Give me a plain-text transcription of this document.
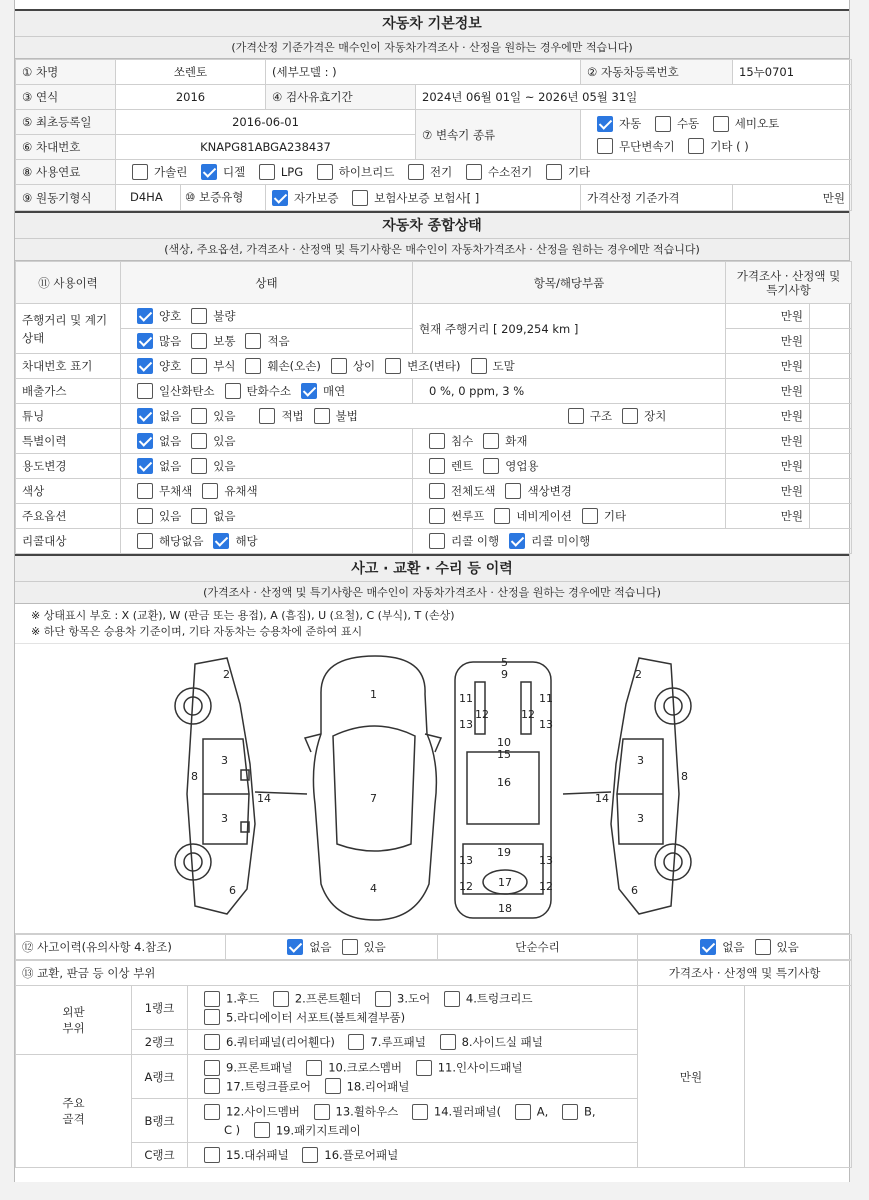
자동차 기본정보
(가격산정 기준가격은 매수인이 자동차가격조사 · 산정을 원하는 경우에만 적습니다)
① 차명	쏘렌토	(세부모델 : )		② 자동차등록번호	15누0701
③ 연식	2016	④ 검사유효기간	2024년 06월 01일 ~ 2026년 05월 31일		
⑤ 최초등록일	2016-06-01		⑦ 변속기 종류	자동 수동 세미오토
무단변속기 기타 ( )	
⑥ 차대번호	KNAPG81ABGA238437				
⑧ 사용연료	가솔린 디젤 LPG 하이브리드 전기 수소전기 기타				
⑨ 원동기형식	D4HA ⑩ 보증유형	자가보증 보험사보증 보험사[ ]		가격산정 기준가격	만원
자동차 종합상태
(색상, 주요옵션, 가격조사 · 산정액 및 특기사항은 매수인이 자동차가격조사 · 산정을 원하는 경우에만 적습니다)
⑪ 사용이력	상태	항목/해당부품	가격조사 · 산정액 및 특기사항	
주행거리 및 계기상태	양호 불량	현재 주행거리 [ 209,254 km ]	만원	
	많음 보통 적음		만원	
차대번호 표기	양호 부식 훼손(오손) 상이 변조(변타) 도말		만원	
배출가스	일산화탄소 탄화수소 매연	0 %, 0 ppm, 3 %	만원	
튜닝	없음 있음 적법 불법 구조 장치		만원	
특별이력	없음 있음	침수 화재	만원	
용도변경	없음 있음	렌트 영업용	만원	
색상	무채색 유채색	전체도색 색상변경	만원	
주요옵션	있음 없음	썬루프 네비게이션 기타	만원	
리콜대상	해당없음 해당	리콜 이행 리콜 미이행		
사고 · 교환 · 수리 등 이력
(가격조사 · 산정액 및 특기사항은 매수인이 자동차가격조사 · 산정을 원하는 경우에만 적습니다)
※ 상태표시 부호 : X (교환), W (판금 또는 용접), A (흠집), U (요철), C (부식), T (손상)
※ 하단 항목은 승용차 기준이며, 기타 자동차는 승용차에 준하여 표시
2
3
3
8
14
6
1
7
4
5
9
11	11
12	12
13	13
10
15
16
19
13	13
12	12
17
18
3
3
14
8
6
2
⑫ 사고이력(유의사항 4.참조)	없음	있음	단순수리	없음	있음
⑬ 교환, 판금 등 이상 부위			가격조사 · 산정액 및 특기사항	
외판
부위	1랭크	1.후드 2.프론트휀더 3.도어 4.트렁크리드
5.라디에이터 서포트(볼트체결부품)	만원	
	2랭크	6.쿼터패널(리어휀다) 7.루프패널 8.사이드실 패널		
주요
골격	A랭크	9.프론트패널 10.크로스멤버 11.인사이드패널
17.트렁크플로어 18.리어패널		
	B랭크	12.사이드멤버 13.휠하우스 14.필러패널( A, B,
C ) 19.패키지트레이		
	C랭크	15.대쉬패널 16.플로어패널		
